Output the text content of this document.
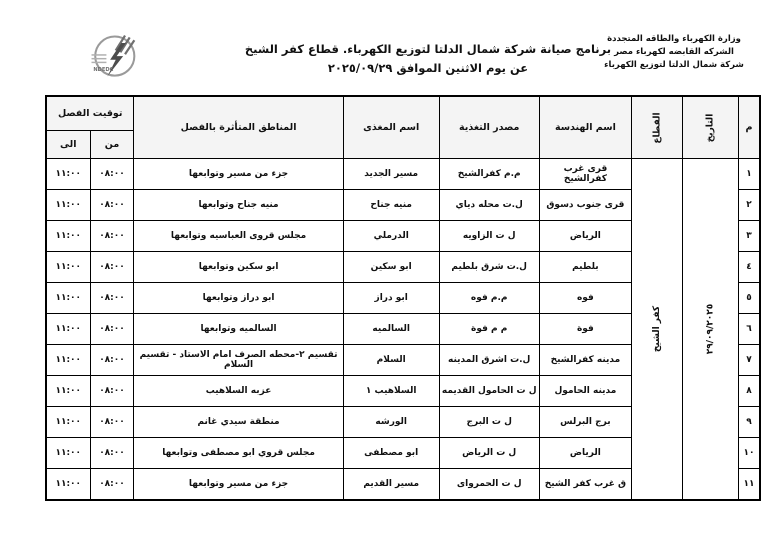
وزارة الكهرباء والطاقه المتجددة
الشركه القابضه لكهرباء مصر
شركة شمال الدلتا لتوزيع الكهرباء
برنامج صيانة شركة شمال الدلتا لتوزيع الكهرباء. قطاع كفر الشيخ
عن يوم الاثنين الموافق ٢٠٢٥/٠٩/٢٩
NDEDC
م	التاريخ	القطاع	اسم الهندسة	مصدر التغذية	اسم المغذى	المناطق المتأثرة بالفصل	توقيت الفصل	
							من	الى
١	٢٩/٠٩/٢٠٢٥	كفر الشيخ	قرى غرب كفرالشيخ	م.م كفرالشيخ	مسير الجديد	جزء من مسير وتوابعها	٠٨:٠٠	١١:٠٠
٢			قرى جنوب دسوق	ل.ت محله دياي	منيه جناح	منيه جناح وتوابعها	٠٨:٠٠	١١:٠٠
٣			الرياض	ل ت الزاويه	الدرملي	مجلس قروى العباسيه وتوابعها	٠٨:٠٠	١١:٠٠
٤			بلطيم	ل.ت شرق بلطيم	ابو سكين	ابو سكين وتوابعها	٠٨:٠٠	١١:٠٠
٥			فوه	م.م فوه	ابو دراز	ابو دراز وتوابعها	٠٨:٠٠	١١:٠٠
٦			فوة	م م فوة	السالميه	السالميه وتوابعها	٠٨:٠٠	١١:٠٠
٧			مدينه كفرالشيخ	ل.ت اشرق المدينه	السلام	تقسيم ٢-محطه الصرف امام الاستاد - تقسيم السلام	٠٨:٠٠	١١:٠٠
٨			مدينه الحامول	ل ت الحامول القديمه	السلاهيب ١	عزبه السلاهيب	٠٨:٠٠	١١:٠٠
٩			برج البرلس	ل ت البرج	الورشه	منطقة سيدي غانم	٠٨:٠٠	١١:٠٠
١٠			الرياض	ل ت الرياض	ابو مصطفى	مجلس قروي ابو مصطفى وتوابعها	٠٨:٠٠	١١:٠٠
١١			ق غرب كفر الشيخ	ل ت الحمرواى	مسير القديم	جزء من مسير وتوابعها	٠٨:٠٠	١١:٠٠
